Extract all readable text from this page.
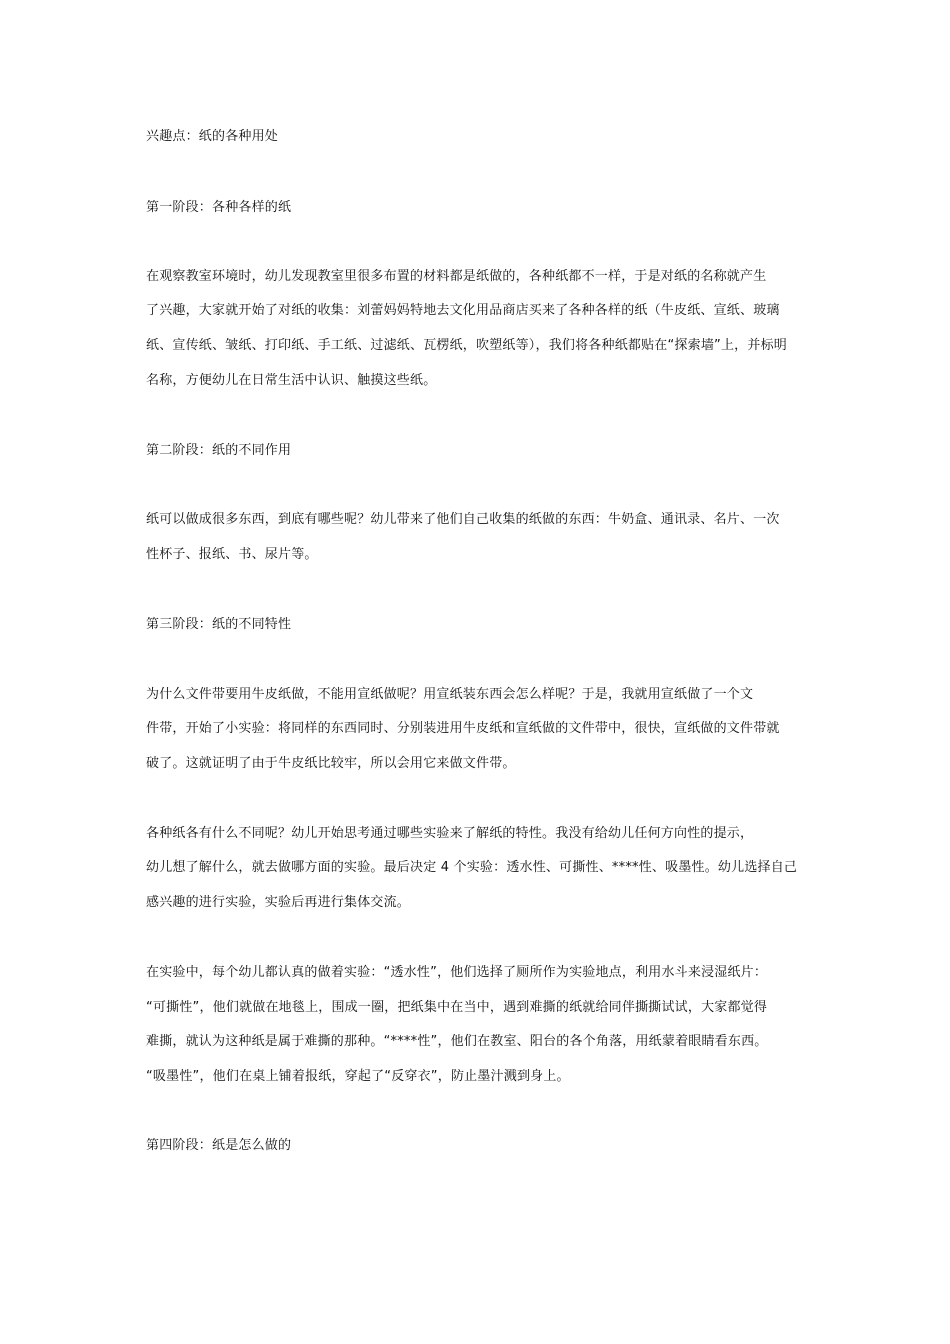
兴趣点：纸的各种用处
第一阶段：各种各样的纸
在观察教室环境时，幼儿发现教室里很多布置的材料都是纸做的，各种纸都不一样，于是对纸的名称就产生
了兴趣，大家就开始了对纸的收集：刘蕾妈妈特地去文化用品商店买来了各种各样的纸（牛皮纸、宣纸、玻璃
纸、宣传纸、皱纸、打印纸、手工纸、过滤纸、瓦楞纸，吹塑纸等），我们将各种纸都贴在“探索墙”上，并标明
名称，方便幼儿在日常生活中认识、触摸这些纸。
第二阶段：纸的不同作用
纸可以做成很多东西，到底有哪些呢？幼儿带来了他们自己收集的纸做的东西：牛奶盒、通讯录、名片、一次
性杯子、报纸、书、尿片等。
第三阶段：纸的不同特性
为什么文件带要用牛皮纸做，不能用宣纸做呢？用宣纸装东西会怎么样呢？于是，我就用宣纸做了一个文
件带，开始了小实验：将同样的东西同时、分别装进用牛皮纸和宣纸做的文件带中，很快，宣纸做的文件带就
破了。这就证明了由于牛皮纸比较牢，所以会用它来做文件带。
各种纸各有什么不同呢？幼儿开始思考通过哪些实验来了解纸的特性。我没有给幼儿任何方向性的提示，
幼儿想了解什么，就去做哪方面的实验。最后决定 4 个实验：透水性、可撕性、****性、吸墨性。幼儿选择自己
感兴趣的进行实验，实验后再进行集体交流。
在实验中，每个幼儿都认真的做着实验：“透水性”，他们选择了厕所作为实验地点，利用水斗来浸湿纸片：
“可撕性”，他们就做在地毯上，围成一圈，把纸集中在当中，遇到难撕的纸就给同伴撕撕试试，大家都觉得
难撕，就认为这种纸是属于难撕的那种。“****性”，他们在教室、阳台的各个角落，用纸蒙着眼睛看东西。
“吸墨性”，他们在桌上铺着报纸，穿起了“反穿衣”，防止墨汁溅到身上。
第四阶段：纸是怎么做的
